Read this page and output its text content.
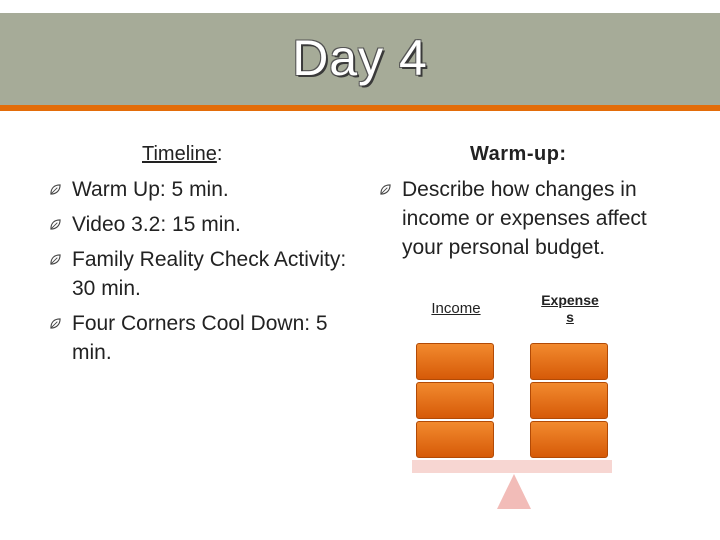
Day 4
Timeline:
Warm Up: 5 min.
Video 3.2: 15 min.
Family Reality Check Activity: 30 min.
Four Corners Cool Down: 5 min.
Warm-up:
Describe how changes in income or expenses affect your personal budget.
Income	Expense
s
